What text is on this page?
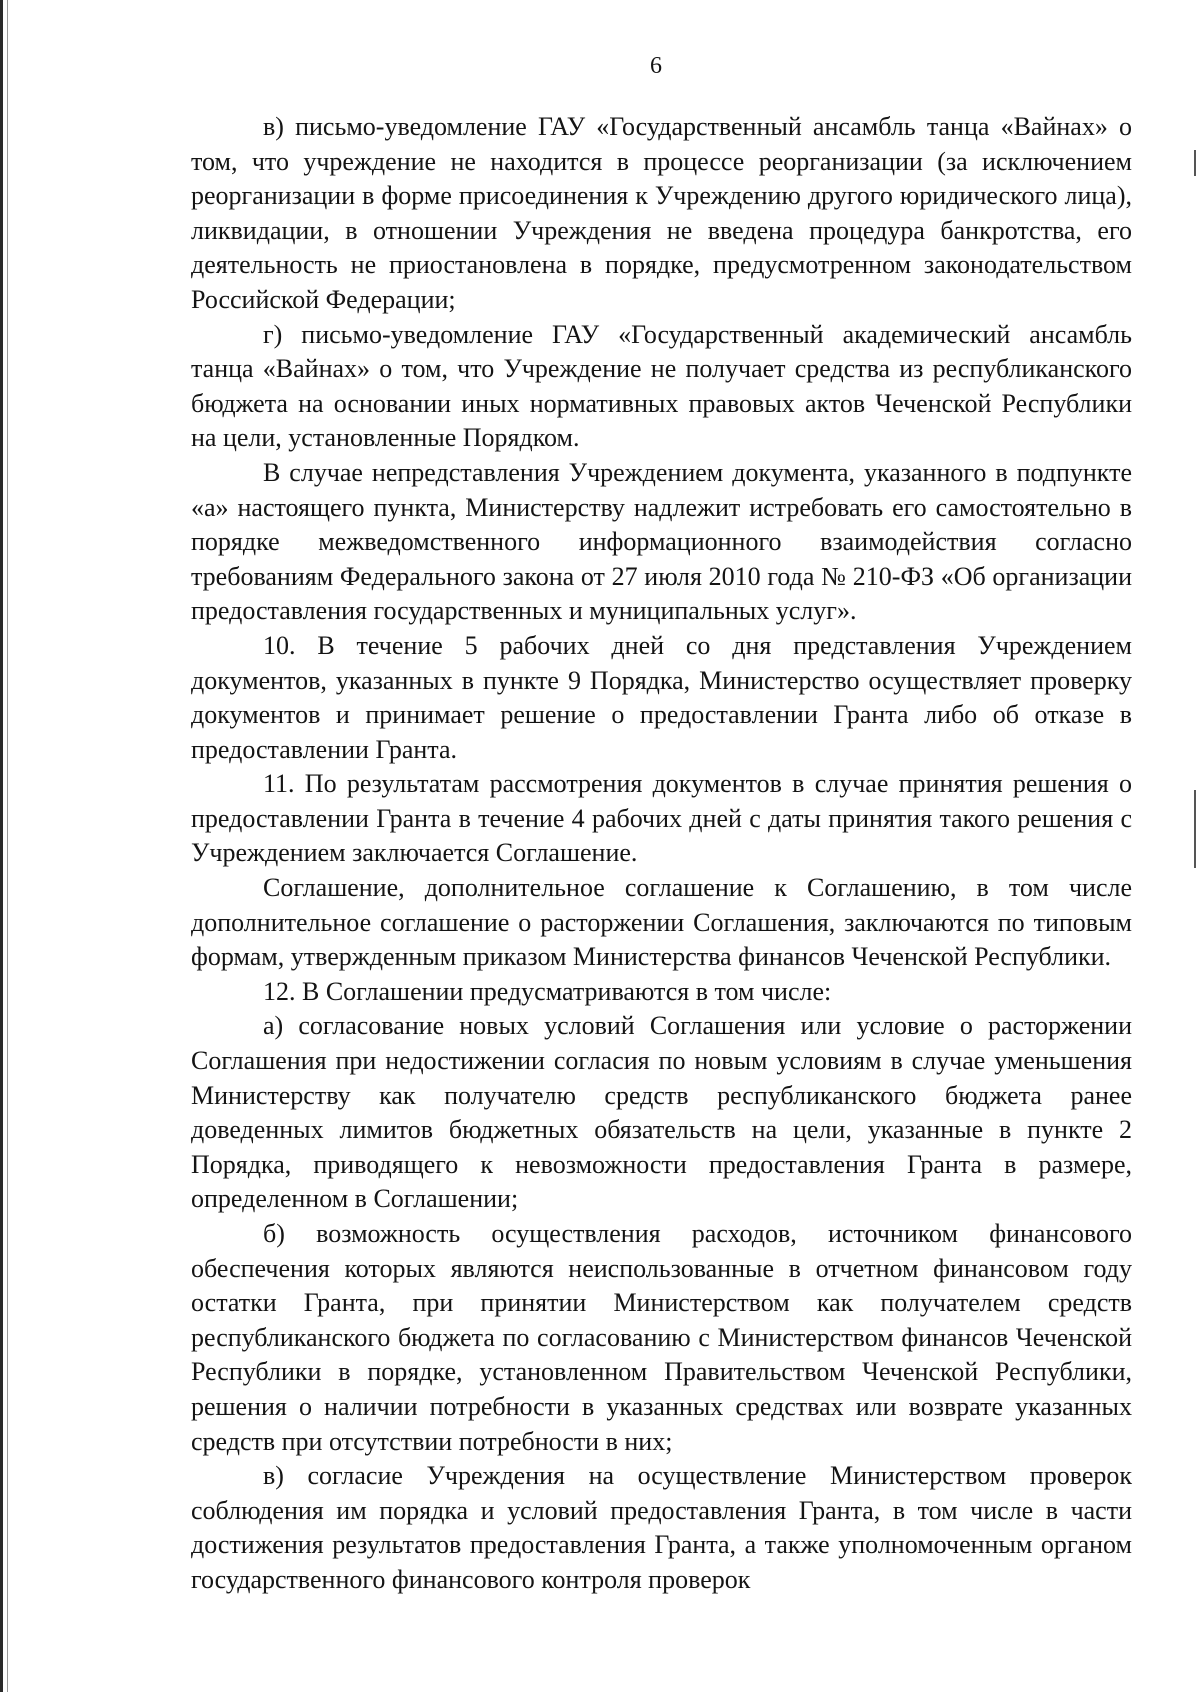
6

в) письмо-уведомление ГАУ «Государственный ансамбль танца «Вайнах» о том, что учреждение не находится в процессе реорганизации (за исключением реорганизации в форме присоединения к Учреждению другого юридического лица), ликвидации, в отношении Учреждения не введена процедура банкротства, его деятельность не приостановлена в порядке, предусмотренном законодательством Российской Федерации;

г) письмо-уведомление ГАУ «Государственный академический ансамбль танца «Вайнах» о том, что Учреждение не получает средства из республиканского бюджета на основании иных нормативных правовых актов Чеченской Республики на цели, установленные Порядком.

В случае непредставления Учреждением документа, указанного в подпункте «а» настоящего пункта, Министерству надлежит истребовать его самостоятельно в порядке межведомственного информационного взаимодействия согласно требованиям Федерального закона от 27 июля 2010 года № 210-ФЗ «Об организации предоставления государственных и муниципальных услуг».

10. В течение 5 рабочих дней со дня представления Учреждением документов, указанных в пункте 9 Порядка, Министерство осуществляет проверку документов и принимает решение о предоставлении Гранта либо об отказе в предоставлении Гранта.

11. По результатам рассмотрения документов в случае принятия решения о предоставлении Гранта в течение 4 рабочих дней с даты принятия такого решения с Учреждением заключается Соглашение.

Соглашение, дополнительное соглашение к Соглашению, в том числе дополнительное соглашение о расторжении Соглашения, заключаются по типовым формам, утвержденным приказом Министерства финансов Чеченской Республики.

12. В Соглашении предусматриваются в том числе:

а) согласование новых условий Соглашения или условие о расторжении Соглашения при недостижении согласия по новым условиям в случае уменьшения Министерству как получателю средств республиканского бюджета ранее доведенных лимитов бюджетных обязательств на цели, указанные в пункте 2 Порядка, приводящего к невозможности предоставления Гранта в размере, определенном в Соглашении;

б) возможность осуществления расходов, источником финансового обеспечения которых являются неиспользованные в отчетном финансовом году остатки Гранта, при принятии Министерством как получателем средств республиканского бюджета по согласованию с Министерством финансов Чеченской Республики в порядке, установленном Правительством Чеченской Республики, решения о наличии потребности в указанных средствах или возврате указанных средств при отсутствии потребности в них;

в) согласие Учреждения на осуществление Министерством проверок соблюдения им порядка и условий предоставления Гранта, в том числе в части достижения результатов предоставления Гранта, а также уполномоченным органом государственного финансового контроля проверок
